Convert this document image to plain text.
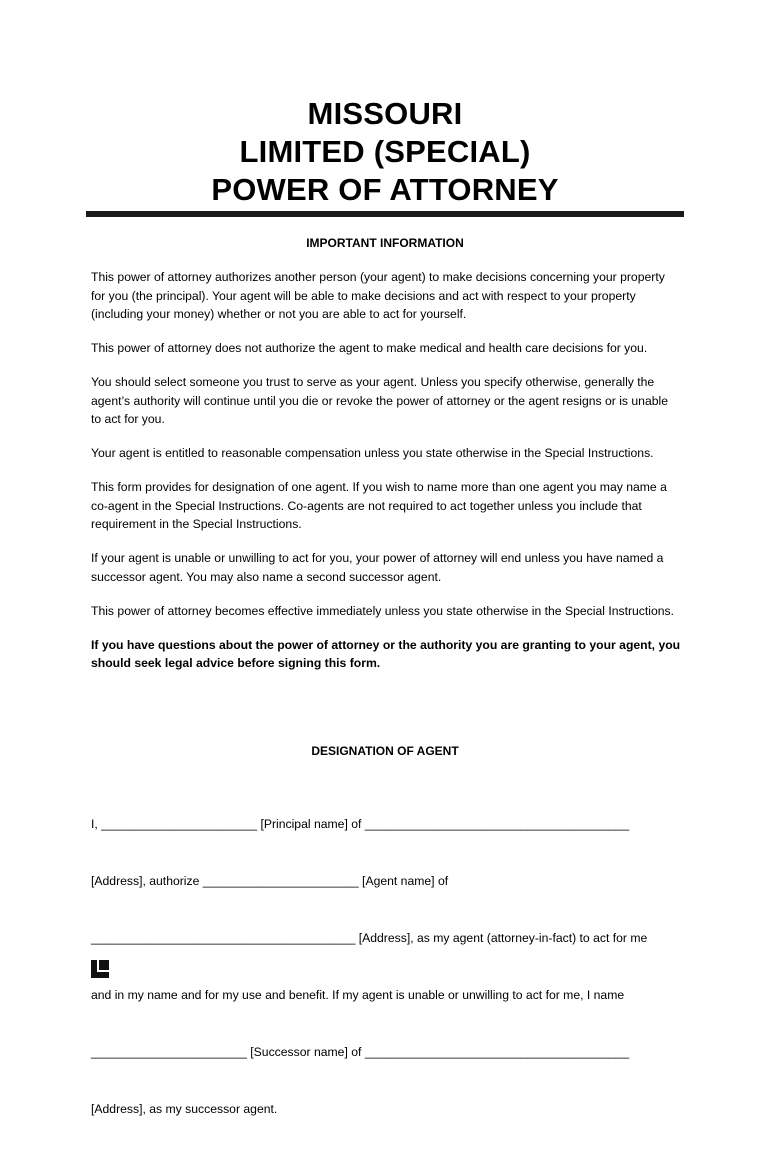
MISSOURI
LIMITED (SPECIAL)
POWER OF ATTORNEY
IMPORTANT INFORMATION

This power of attorney authorizes another person (your agent) to make decisions concerning your property for you (the principal). Your agent will be able to make decisions and act with respect to your property (including your money) whether or not you are able to act for yourself.

This power of attorney does not authorize the agent to make medical and health care decisions for you.

You should select someone you trust to serve as your agent. Unless you specify otherwise, generally the agent’s authority will continue until you die or revoke the power of attorney or the agent resigns or is unable to act for you.

Your agent is entitled to reasonable compensation unless you state otherwise in the Special Instructions.

This form provides for designation of one agent. If you wish to name more than one agent you may name a co-agent in the Special Instructions. Co-agents are not required to act together unless you include that requirement in the Special Instructions.

If your agent is unable or unwilling to act for you, your power of attorney will end unless you have named a successor agent. You may also name a second successor agent.

This power of attorney becomes effective immediately unless you state otherwise in the Special Instructions.

If you have questions about the power of attorney or the authority you are granting to your agent, you should seek legal advice before signing this form.

DESIGNATION OF AGENT

I, _______________________ [Principal name] of _______________________________________

[Address], authorize _______________________ [Agent name] of

_______________________________________ [Address], as my agent (attorney-in-fact) to act for me

and in my name and for my use and benefit. If my agent is unable or unwilling to act for me, I name

_______________________ [Successor name] of _______________________________________

[Address], as my successor agent.
